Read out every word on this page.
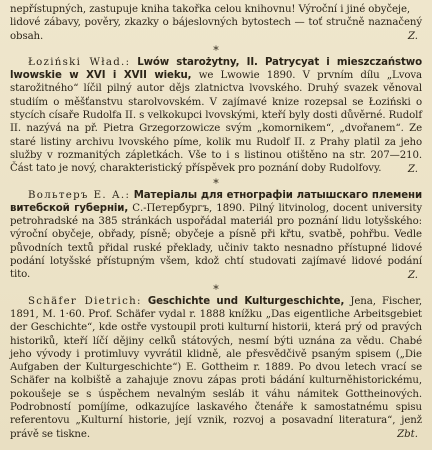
nepřístupných, zastupuje kniha takořka celou knihovnu! Výroční i jiné obyčeje,
lidové zábavy, pověry, zkazky o bájeslovných bytostech — toť stručně naznačený obsah.	Z.
*

Łoziński Wład.: Lwów starożytny, II. Patrycyat i mieszczaństwo lwowskie w XVI i XVII wieku, we Lwowie 1890. V prvním dílu „Lvova starožitného“ líčil pilný autor dějs zlatnictva lvovského. Druhý svazek věnoval studiím o měšťanstvu starolvovském. V zajímavé knize rozepsal se Łoziński o stycích císaře Rudolfa II. s velkokupci lvovskými, kteří byly dosti důvěrné. Rudolf II. nazývá na př. Pietra Grzegorzowicze svým „komornikem“, „dvořanem“. Ze staré listiny archivu lvovského píme, kolik mu Rudolf II. z Prahy platil za jeho služby v rozmanitých zápletkách. Vše to i s listinou otištěno na str. 207—210. Část tato je nový, charakteristický příspěvek pro poznání doby Rudolfovy.	Z.
*

Вольтеръ Е. А.: Матеріалы для етнографіи латышскаго племени витебской губерніи, С.-Петербургъ, 1890. Pilný litvinolog, docent university petrohradské na 385 stránkách uspořádal materiál pro poznání lidu lotyšského: výroční obyčeje, obřady, písně; obyčeje a písně při křtu, svatbě, pohřbu. Vedle původních textů přidal ruské překlady, učiniv takto nesnadno přístupné lidové podání lotyšské přístupným všem, kdož chtí studovati zajímavé lidové podání tito.	Z.
*

Schäfer Dietrich: Geschichte und Kulturgeschichte, Jena, Fischer, 1891, M. 1·60. Prof. Schäfer vydal r. 1888 knížku „Das eigentliche Arbeitsgebiet der Geschichte“, kde ostře vystoupil proti kulturní historii, která prý od pravých historiků, kteří líčí dějiny celků státových, nesmí býti uznána za vědu. Chabé jeho vývody i protimluvy vyvrátil klidně, ale přesvědčivě psaným spisem („Die Aufgaben der Kulturgeschichte“) E. Gottheim r. 1889. Po dvou letech vrací se Schäfer na kolbiště a zahajuje znovu zápas proti bádání kulturněhistorickému, pokoušeje se s úspěchem nevalným sesláb it váhu námitek Gottheinových. Podrobností pomíjíme, odkazujíce laskavého čtenáře k samostatnému spisu referentovu „Kulturní historie, její vznik, rozvoj a posavadní literatura“, jenž právě se tiskne.	Zbt.
